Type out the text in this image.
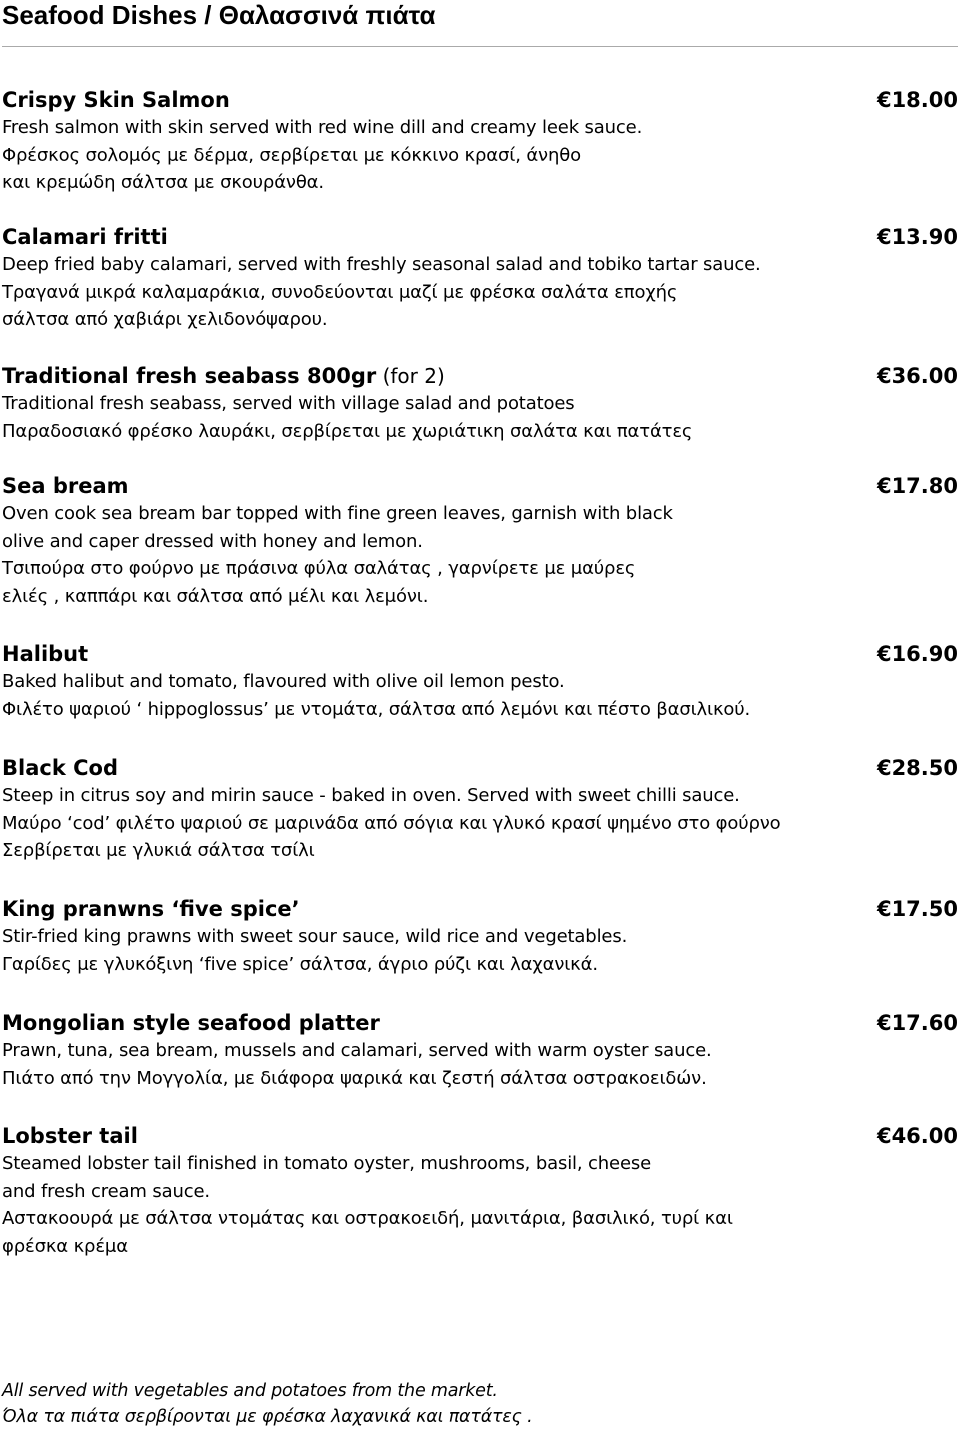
Seafood Dishes / Θαλασσινά πιάτα
Crispy Skin Salmon	€18.00
Fresh salmon with skin served with red wine dill and creamy leek sauce.
Φρέσκος σολομός με δέρμα, σερβίρεται με κόκκινο κρασί, άνηθο
και κρεμώδη σάλτσα με σκουράνθα.
Calamari fritti	€13.90
Deep fried baby calamari, served with freshly seasonal salad and tobiko tartar sauce.
Τραγανά μικρά καλαμαράκια, συνοδεύονται μαζί με φρέσκα σαλάτα εποχής
σάλτσα από χαβιάρι χελιδονόψαρου.
Traditional fresh seabass 800gr (for 2)	€36.00
Traditional fresh seabass, served with village salad and potatoes
Παραδοσιακό φρέσκο λαυράκι, σερβίρεται με χωριάτικη σαλάτα και πατάτες
Sea bream	€17.80
Oven cook sea bream bar topped with fine green leaves, garnish with black
olive and caper dressed with honey and lemon.
Τσιπούρα στο φούρνο με πράσινα φύλα σαλάτας , γαρνίρετε με μαύρες
ελιές , καππάρι και σάλτσα από μέλι και λεμόνι.
Halibut	€16.90
Baked halibut and tomato, flavoured with olive oil lemon pesto.
Φιλέτο ψαριού ‘ hippoglossus’ με ντομάτα, σάλτσα από λεμόνι και πέστο βασιλικού.
Black Cod	€28.50
Steep in citrus soy and mirin sauce - baked in oven. Served with sweet chilli sauce.
Μαύρο ‘cod’ φιλέτο ψαριού σε μαρινάδα από σόγια και γλυκό κρασί ψημένο στο φούρνο
Σερβίρεται με γλυκιά σάλτσα τσίλι
King pranwns ‘five spice’	€17.50
Stir-fried king prawns with sweet sour sauce, wild rice and vegetables.
Γαρίδες με γλυκόξινη ‘five spice’ σάλτσα, άγριο ρύζι και λαχανικά.
Mongolian style seafood platter	€17.60
Prawn, tuna, sea bream, mussels and calamari, served with warm oyster sauce.
Πιάτο από την Μογγολία, με διάφορα ψαρικά και ζεστή σάλτσα οστρακοειδών.
Lobster tail	€46.00
Steamed lobster tail finished in tomato oyster, mushrooms, basil, cheese
and fresh cream sauce.
Αστακοουρά με σάλτσα ντομάτας και οστρακοειδή, μανιτάρια, βασιλικό, τυρί και
φρέσκα κρέμα
All served with vegetables and potatoes from the market.
Όλα τα πιάτα σερβίρονται με φρέσκα λαχανικά και πατάτες .
